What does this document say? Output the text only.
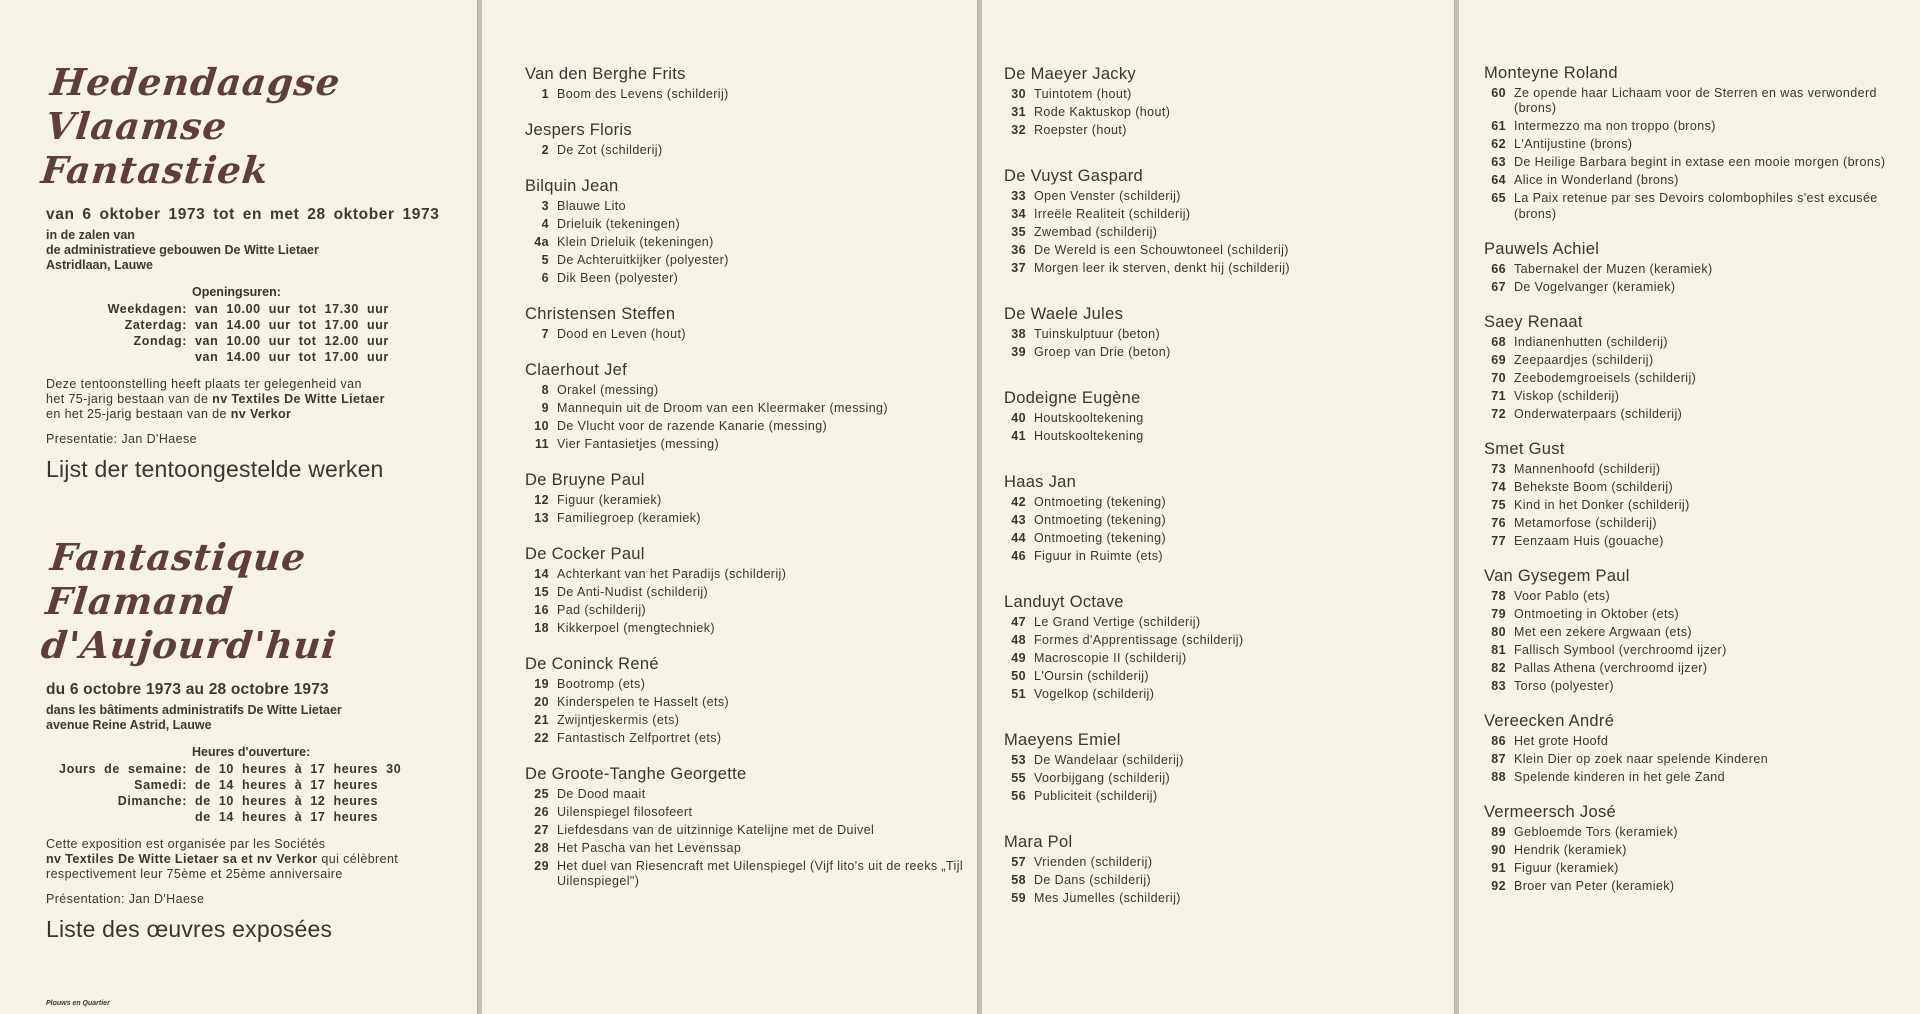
Hedendaagse
Vlaamse
Fantastiek
van 6 oktober 1973 tot en met 28 oktober 1973
in de zalen van
de administratieve gebouwen De Witte Lietaer
Astridlaan, Lauwe
Openingsuren:
Weekdagen:	van 10.00 uur tot 17.30 uur
Zaterdag:	van 14.00 uur tot 17.00 uur
Zondag:	van 10.00 uur tot 12.00 uur
	van 14.00 uur tot 17.00 uur
Deze tentoonstelling heeft plaats ter gelegenheid van
het 75-jarig bestaan van de nv Textiles De Witte Lietaer
en het 25-jarig bestaan van de nv Verkor
Presentatie: Jan D'Haese
Lijst der tentoongestelde werken
Fantastique
Flamand
d'Aujourd'hui
du 6 octobre 1973 au 28 octobre 1973
dans les bâtiments administratifs De Witte Lietaer
avenue Reine Astrid, Lauwe
Heures d'ouverture:
Jours de semaine:	de 10 heures à 17 heures 30
Samedi:	de 14 heures à 17 heures
Dimanche:	de 10 heures à 12 heures
	de 14 heures à 17 heures
Cette exposition est organisée par les Sociétés
nv Textiles De Witte Lietaer sa et nv Verkor qui célèbrent
respectivement leur 75ème et 25ème anniversaire
Présentation: Jan D'Haese
Liste des œuvres exposées
Plouws en Quartier
Van den Berghe Frits
1 Boom des Levens (schilderij)
Jespers Floris
2 De Zot (schilderij)
Bilquin Jean
3 Blauwe Lito
4 Drieluik (tekeningen)
4a Klein Drieluik (tekeningen)
5 De Achteruitkijker (polyester)
6 Dik Been (polyester)
Christensen Steffen
7 Dood en Leven (hout)
Claerhout Jef
8 Orakel (messing)
9 Mannequin uit de Droom van een Kleermaker (messing)
10 De Vlucht voor de razende Kanarie (messing)
11 Vier Fantasietjes (messing)
De Bruyne Paul
12 Figuur (keramiek)
13 Familiegroep (keramiek)
De Cocker Paul
14 Achterkant van het Paradijs (schilderij)
15 De Anti-Nudist (schilderij)
16 Pad (schilderij)
18 Kikkerpoel (mengtechniek)
De Coninck René
19 Bootromp (ets)
20 Kinderspelen te Hasselt (ets)
21 Zwijntjeskermis (ets)
22 Fantastisch Zelfportret (ets)
De Groote-Tanghe Georgette
25 De Dood maait
26 Uilenspiegel filosofeert
27 Liefdesdans van de uitzinnige Katelijne met de Duivel
28 Het Pascha van het Levenssap
29 Het duel van Riesencraft met Uilenspiegel (Vijf lito's uit de reeks „Tijl Uilenspiegel")
De Maeyer Jacky
30 Tuintotem (hout)
31 Rode Kaktuskop (hout)
32 Roepster (hout)
De Vuyst Gaspard
33 Open Venster (schilderij)
34 Irreële Realiteit (schilderij)
35 Zwembad (schilderij)
36 De Wereld is een Schouwtoneel (schilderij)
37 Morgen leer ik sterven, denkt hij (schilderij)
De Waele Jules
38 Tuinskulptuur (beton)
39 Groep van Drie (beton)
Dodeigne Eugène
40 Houtskooltekening
41 Houtskooltekening
Haas Jan
42 Ontmoeting (tekening)
43 Ontmoeting (tekening)
44 Ontmoeting (tekening)
46 Figuur in Ruimte (ets)
Landuyt Octave
47 Le Grand Vertige (schilderij)
48 Formes d'Apprentissage (schilderij)
49 Macroscopie II (schilderij)
50 L'Oursin (schilderij)
51 Vogelkop (schilderij)
Maeyens Emiel
53 De Wandelaar (schilderij)
55 Voorbijgang (schilderij)
56 Publiciteit (schilderij)
Mara Pol
57 Vrienden (schilderij)
58 De Dans (schilderij)
59 Mes Jumelles (schilderij)
Monteyne Roland
60 Ze opende haar Lichaam voor de Sterren en was verwonderd (brons)
61 Intermezzo ma non troppo (brons)
62 L'Antijustine (brons)
63 De Heilige Barbara begint in extase een mooie morgen (brons)
64 Alice in Wonderland (brons)
65 La Paix retenue par ses Devoirs colombophiles s'est excusée (brons)
Pauwels Achiel
66 Tabernakel der Muzen (keramiek)
67 De Vogelvanger (keramiek)
Saey Renaat
68 Indianenhutten (schilderij)
69 Zeepaardjes (schilderij)
70 Zeebodemgroeisels (schilderij)
71 Viskop (schilderij)
72 Onderwaterpaars (schilderij)
Smet Gust
73 Mannenhoofd (schilderij)
74 Behekste Boom (schilderij)
75 Kind in het Donker (schilderij)
76 Metamorfose (schilderij)
77 Eenzaam Huis (gouache)
Van Gysegem Paul
78 Voor Pablo (ets)
79 Ontmoeting in Oktober (ets)
80 Met een zekere Argwaan (ets)
81 Fallisch Symbool (verchroomd ijzer)
82 Pallas Athena (verchroomd ijzer)
83 Torso (polyester)
Vereecken André
86 Het grote Hoofd
87 Klein Dier op zoek naar spelende Kinderen
88 Spelende kinderen in het gele Zand
Vermeersch José
89 Gebloemde Tors (keramiek)
90 Hendrik (keramiek)
91 Figuur (keramiek)
92 Broer van Peter (keramiek)
